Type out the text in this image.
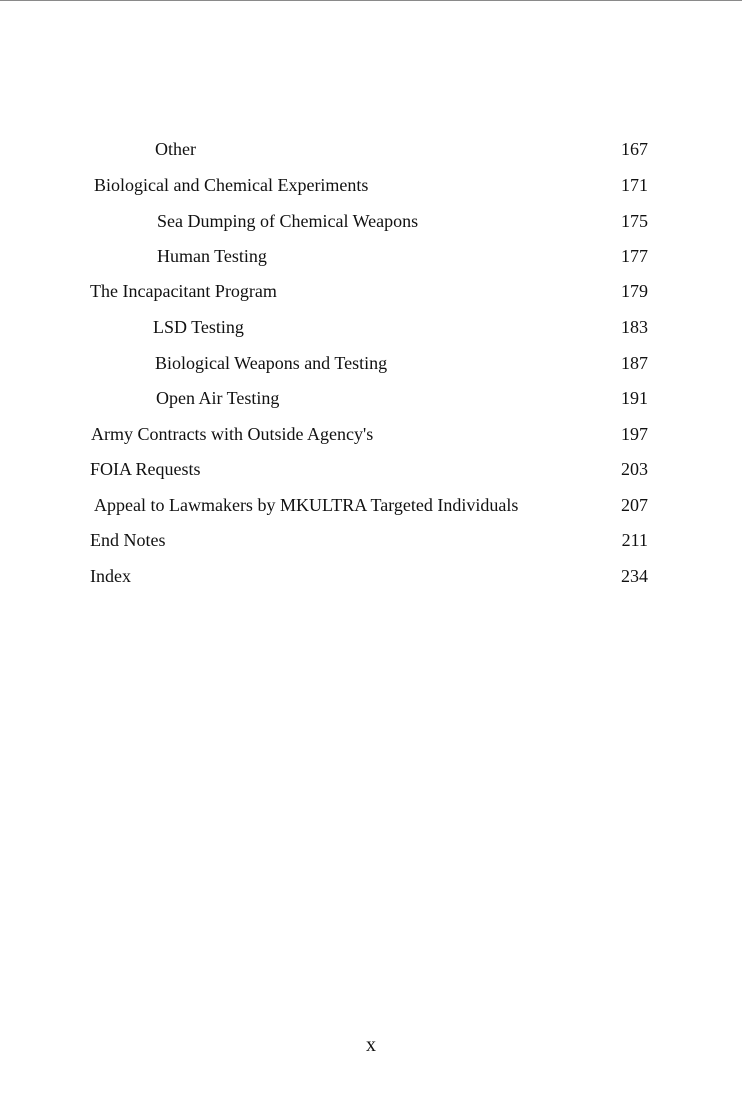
Other	167
Biological and Chemical Experiments	171
Sea Dumping of Chemical Weapons	175
Human Testing	177
The Incapacitant Program	179
LSD Testing	183
Biological Weapons and Testing	187
Open Air Testing	191
Army Contracts with Outside Agency's	197
FOIA Requests	203
Appeal to Lawmakers by MKULTRA Targeted Individuals	207
End Notes	211
Index	234
x
